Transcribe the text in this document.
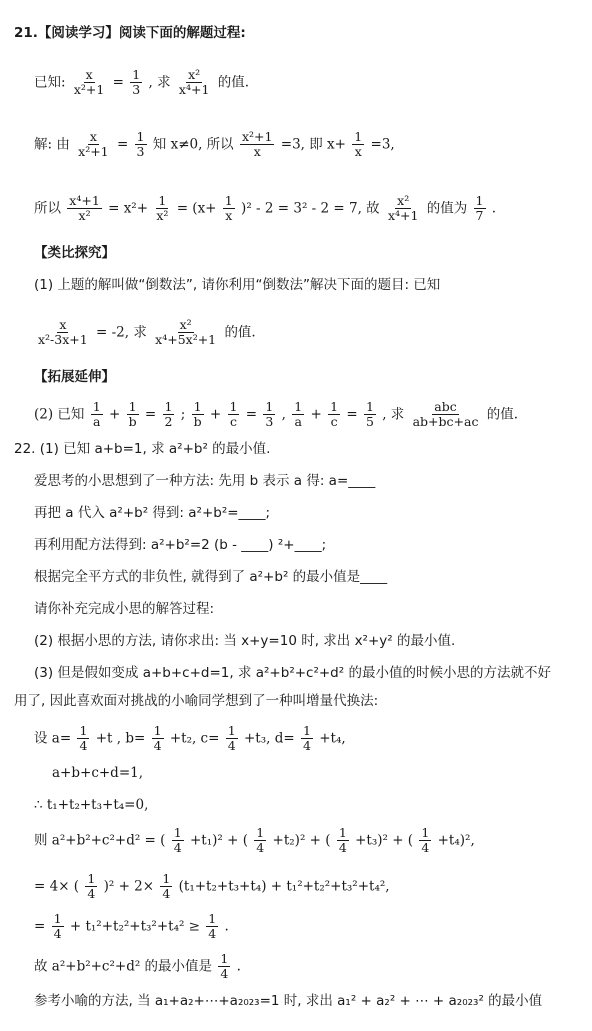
21.【阅读学习】阅读下面的解题过程:
已知: $\frac{x}{\text{x²+1}} = \frac{1}{3}$ , 求 $\frac{\text{x²}}{\text{x⁴+1}}$ 的值.
解: 由 $\frac{x}{\text{x²+1}} = \frac{1}{3}$ 知 x≠0, 所以 $\frac{\text{x²+1}}{x} =3$, 即 $x+ \frac{1}{x} =3$,
所以 $\frac{\text{x⁴+1}}{\text{x²}} = x^2+ \frac{1}{\text{x²}} = (x+ \frac{1}{x} )^2 - 2 = 3^2 - 2 = 7$, 故 $\frac{\text{x²}}{\text{x⁴+1}}$ 的值为 $\frac{1}{7}$ .
【类比探究】
(1) 上题的解叫做“倒数法”, 请你利用“倒数法”解决下面的题目: 已知
$\frac{x}{\text{x²-3x+1}} = -2$, 求 $\frac{\text{x²}}{\text{x⁴+5x²+1}}$ 的值.
【拓展延伸】
(2) 已知 $\frac{1}{a} + \frac{1}{b} = \frac{1}{2}$ ; $\frac{1}{b} + \frac{1}{c} = \frac{1}{3}$ , $\frac{1}{a} + \frac{1}{c} = \frac{1}{5}$ , 求 $\frac{\text{abc}}{ab+bc+ac}$ 的值.
22. (1) 已知 a+b=1, 求 a²+b² 的最小值.
爱思考的小思想到了一种方法: 先用 b 表示 a 得: a=____
再把 a 代入 a²+b² 得到: a²+b²=____;
再利用配方法得到: a²+b²=2 (b - ____) ²+____;
根据完全平方式的非负性, 就得到了 a²+b² 的最小值是____
请你补充完成小思的解答过程:
(2) 根据小思的方法, 请你求出: 当 x+y=10 时, 求出 x²+y² 的最小值.
(3) 但是假如变成 a+b+c+d=1, 求 a²+b²+c²+d² 的最小值的时候小思的方法就不好
用了, 因此喜欢面对挑战的小喻同学想到了一种叫增量代换法:
设 $a= \frac{1}{4} +t$ , $b= \frac{1}{4} +t_2$, $c= \frac{1}{4} +t_3$, $d= \frac{1}{4} +t_4$,
a+b+c+d=1,
∴ t₁+t₂+t₃+t₄=0,
则 a²+b²+c²+d² = ( $\frac{1}{4} +t_1)^2$ + ( $\frac{1}{4} +t_2)^2$ + ( $\frac{1}{4} +t_3)^2$ + ( $\frac{1}{4} +t_4)^2$,
= 4× ( $\frac{1}{4} )^2 + 2\times \frac{1}{4} (t_1+t_2+t_3+t_4) + t_1^2+t_2^2+t_3^2+t_4^2$,
= $\frac{1}{4} + t_1^2+t_2^2+t_3^2+t_4^2 \ge \frac{1}{4}$ .
故 a²+b²+c²+d² 的最小值是 $\frac{1}{4}$ .
参考小喻的方法, 当 a₁+a₂+⋯+a₂₀₂₃=1 时, 求出 a₁² + a₂² + ⋯ + a₂₀₂₃² 的最小值
